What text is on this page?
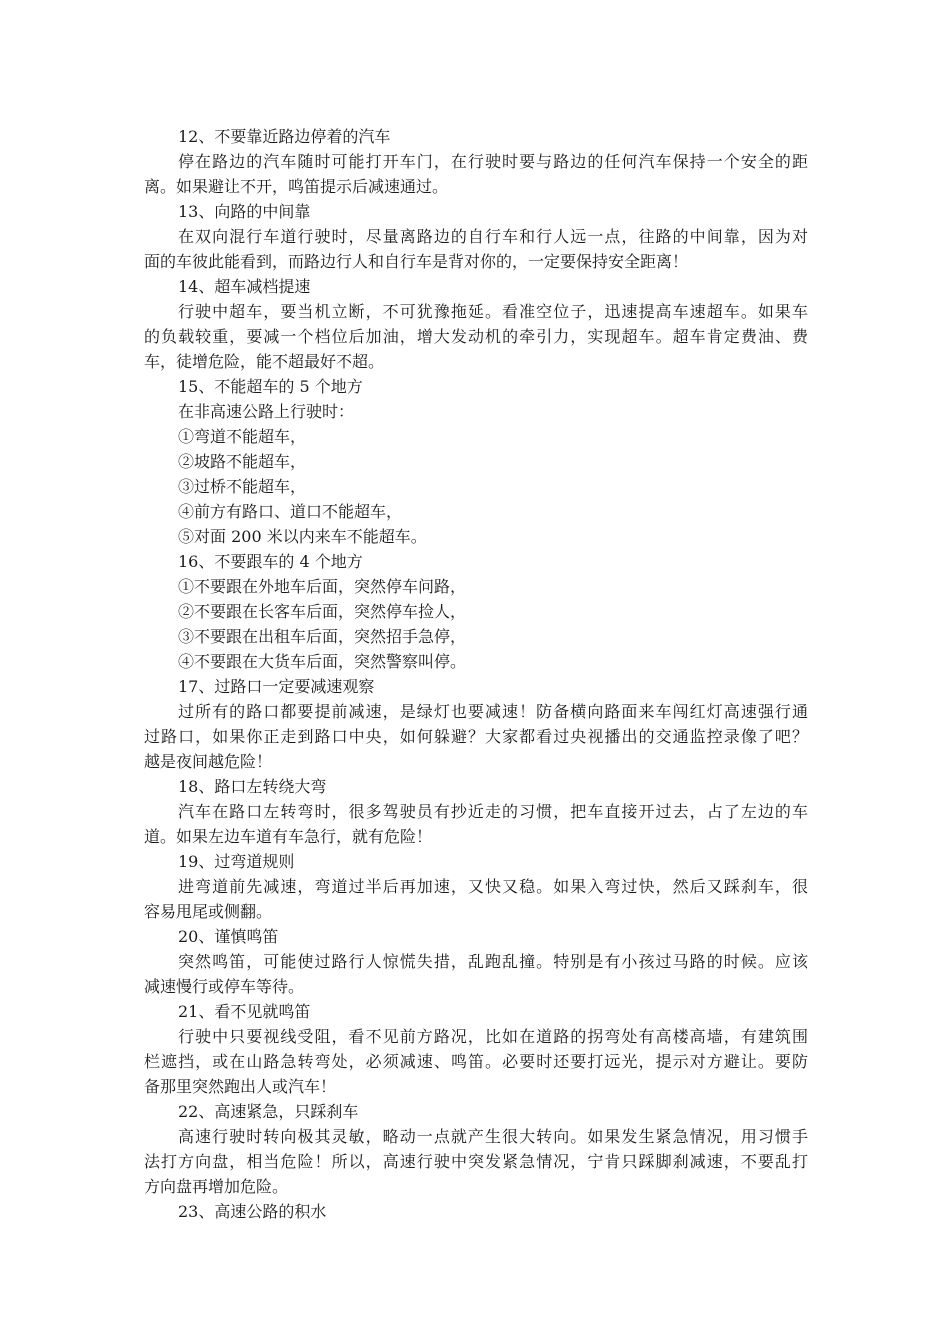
12、不要靠近路边停着的汽车
停在路边的汽车随时可能打开车门，在行驶时要与路边的任何汽车保持一个安全的距
离。如果避让不开，鸣笛提示后减速通过。
13、向路的中间靠
在双向混行车道行驶时，尽量离路边的自行车和行人远一点，往路的中间靠，因为对
面的车彼此能看到，而路边行人和自行车是背对你的，一定要保持安全距离！
14、超车减档提速
行驶中超车，要当机立断，不可犹豫拖延。看准空位子，迅速提高车速超车。如果车
的负载较重，要减一个档位后加油，增大发动机的牵引力，实现超车。超车肯定费油、费
车，徒增危险，能不超最好不超。
15、不能超车的 5 个地方
在非高速公路上行驶时：
①弯道不能超车，
②坡路不能超车，
③过桥不能超车，
④前方有路口、道口不能超车，
⑤对面 200 米以内来车不能超车。
16、不要跟车的 4 个地方
①不要跟在外地车后面，突然停车问路，
②不要跟在长客车后面，突然停车捡人，
③不要跟在出租车后面，突然招手急停，
④不要跟在大货车后面，突然警察叫停。
17、过路口一定要减速观察
过所有的路口都要提前减速，是绿灯也要减速！防备横向路面来车闯红灯高速强行通
过路口，如果你正走到路口中央，如何躲避？大家都看过央视播出的交通监控录像了吧？
越是夜间越危险！
18、路口左转绕大弯
汽车在路口左转弯时，很多驾驶员有抄近走的习惯，把车直接开过去，占了左边的车
道。如果左边车道有车急行，就有危险！
19、过弯道规则
进弯道前先减速，弯道过半后再加速，又快又稳。如果入弯过快，然后又踩刹车，很
容易甩尾或侧翻。
20、谨慎鸣笛
突然鸣笛，可能使过路行人惊慌失措，乱跑乱撞。特别是有小孩过马路的时候。应该
减速慢行或停车等待。
21、看不见就鸣笛
行驶中只要视线受阻，看不见前方路况，比如在道路的拐弯处有高楼高墙，有建筑围
栏遮挡，或在山路急转弯处，必须减速、鸣笛。必要时还要打远光，提示对方避让。要防
备那里突然跑出人或汽车！
22、高速紧急，只踩刹车
高速行驶时转向极其灵敏，略动一点就产生很大转向。如果发生紧急情况，用习惯手
法打方向盘，相当危险！所以，高速行驶中突发紧急情况，宁肯只踩脚刹减速，不要乱打
方向盘再增加危险。
23、高速公路的积水
